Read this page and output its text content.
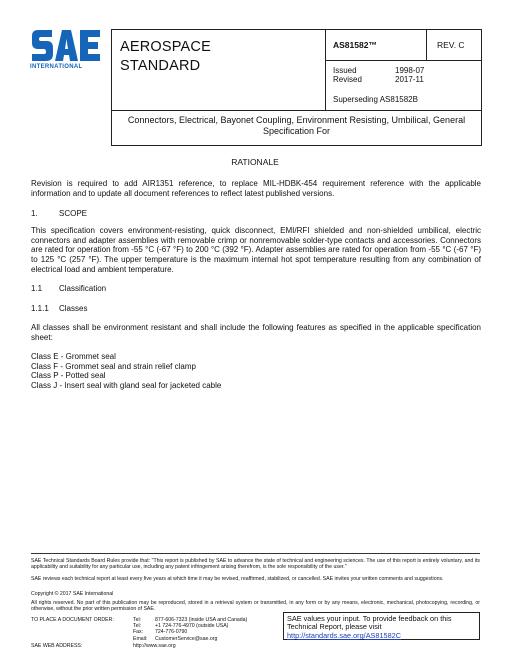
INTERNATIONAL
AEROSPACE
STANDARD
AS81582™	REV. C
Issued	1998-07
Revised	2017-11
Superseding AS81582B
Connectors, Electrical, Bayonet Coupling, Environment Resisting, Umbilical, General Specification For
RATIONALE
Revision is required to add AIR1351 reference, to replace MIL-HDBK-454 requirement reference with the applicable information and to update all document references to reflect latest published versions.
1.	SCOPE
This specification covers environment-resisting, quick disconnect, EMI/RFI shielded and non-shielded umbilical, electric connectors and adapter assemblies with removable crimp or nonremovable solder-type contacts and accessories. Connectors are rated for operation from -55 °C (-67 °F) to 200 °C (392 °F). Adapter assemblies are rated for operation from -55 °C (-67 °F) to 125 °C (257 °F). The upper temperature is the maximum internal hot spot temperature resulting from any combination of electrical load and ambient temperature.
1.1 Classification
1.1.1 Classes
All classes shall be environment resistant and shall include the following features as specified in the applicable specification sheet:
Class E - Grommet seal
Class F - Grommet seal and strain relief clamp
Class P - Potted seal
Class J - Insert seal with gland seal for jacketed cable
SAE Technical Standards Board Rules provide that: "This report is published by SAE to advance the state of technical and engineering sciences. The use of this report is entirely voluntary, and its applicability and suitability for any particular use, including any patent infringement arising therefrom, is the sole responsibility of the user."
SAE reviews each technical report at least every five years at which time it may be revised, reaffirmed, stabilized, or cancelled. SAE invites your written comments and suggestions.
Copyright © 2017 SAE International
All rights reserved. No part of this publication may be reproduced, stored in a retrieval system or transmitted, in any form or by any means, electronic, mechanical, photocopying, recording, or otherwise, without the prior written permission of SAE.
TO PLACE A DOCUMENT ORDER:	Tel:	877-606-7323 (inside USA and Canada)
Tel:	+1 724-776-4970 (outside USA)
Fax: 724-776-0790
Email: CustomerService@sae.org
SAE WEB ADDRESS:	http://www.sae.org
SAE values your input. To provide feedback on this Technical Report, please visit
http://standards.sae.org/AS81582C
